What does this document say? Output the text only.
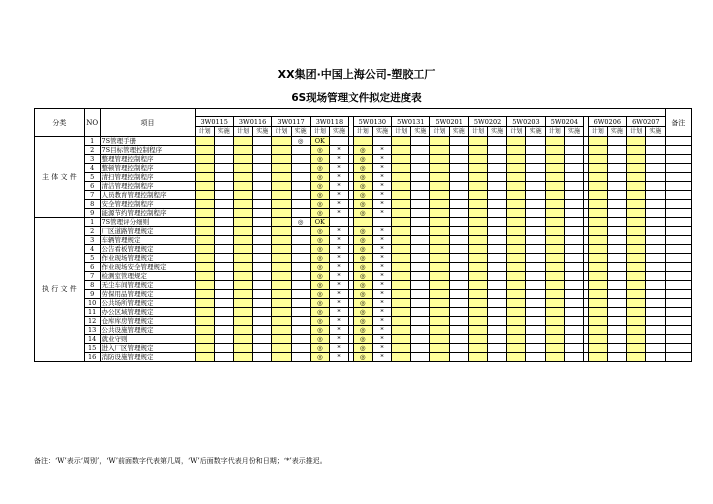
XX集团·中国上海公司-塑胶工厂
6S现场管理文件拟定进度表
分类	NO	项目																											备注
			3W0115		3W0116		3W0117		3W0118			5W0130		5W0131		5W0201		5W0202		5W0203		5W0204			6W0206		6W0207		
			计划	实施	计划	实施	计划	实施	计划	实施		计划	实施	计划	实施	计划	实施	计划	实施	计划	实施	计划	实施		计划	实施	计划	实施	
主 体 文 件	1	7S管理手册						◎	OK																				
	2	7S目标管理控制程序							◎	*		◎	*																
	3	整理管理控制程序							◎	*		◎	*																
	4	整顿管理控制程序							◎	*		◎	*																
	5	清扫管理控制程序							◎	*		◎	*																
	6	清洁管理控制程序							◎	*		◎	*																
	7	人员教育管理控制程序							◎	*		◎	*																
	8	安全管理控制程序							◎	*		◎	*																
	9	能源节约管理控制程序							◎	*		◎	*																
执 行 文 件	1	7S管理评分细则						◎	OK																				
	2	厂区道路管理规定							◎	*		◎	*																
	3	车辆管理规定							◎	*		◎	*																
	4	公告看板管理规定							◎	*		◎	*																
	5	作业现场管理规定							◎	*		◎	*																
	6	作业现场安全管理规定							◎	*		◎	*																
	7	检测室管理规定							◎	*		◎	*																
	8	无尘车间管理规定							◎	*		◎	*																
	9	劳保用品管理规定							◎	*		◎	*																
	10	公共场所管理规定							◎	*		◎	*																
	11	办公区域管理规定							◎	*		◎	*																
	12	仓库库房管理规定							◎	*		◎	*																
	13	公共设施管理规定							◎	*		◎	*																
	14	就业守则							◎	*		◎	*																
	15	进入厂区管理规定							◎	*		◎	*																
	16	消防设施管理规定							◎	*		◎	*																
备注：‘W’表示‘周别’，‘W’前面数字代表第几周，‘W’后面数字代表月份和日期；‘*’表示推迟。
